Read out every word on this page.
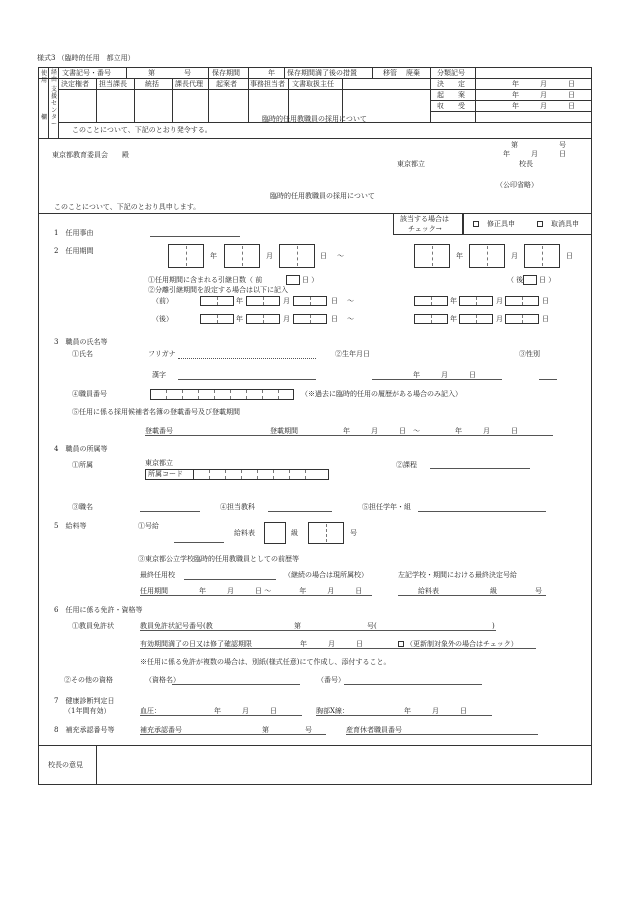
様式3 （臨時的任用　都立用）
使用
欄
経由
支援センター
文書記号・番号	第	号	保存期間	年 保存期間満了後の措置	移管 廃棄 分類記号
決定権者 担当課長	統括 課長代理 起案者 事務担当者 文書取扱主任	決　　定	年　　　月　　　日
起　　案	年　　　月　　　日
収　　受	年　　　月　　　日
臨時的任用教職員の採用について
このことについて、下記のとおり発令する。
東京都教育委員会　　殿
第	号
年　　　月　　　日
東京都立	校長
（公印省略）
臨時的任用教職員の採用について
このことについて、下記のとおり具申します。
該当する場合は
チェック→
修正具申	取消具申
1　任用事由
2　任用期間
年	月	日 ～	年	月	日
①任用期間に含まれる引継日数（ 前	日 ）	（ 後 日 ）
②分離引継期間を設定する場合は以下に記入
（前）	年	月	日 ～	年	月	日
（後）	年	月	日 ～	年	月	日
3　職員の氏名等
①氏名	フリガナ	②生年月日	③性別
漢字	年　　　月　　　日
④職員番号	（※過去に臨時的任用の履歴がある場合のみ記入）
⑤任用に係る採用候補者名簿の登載番号及び登載期間
登載番号	登載期間	年　　　月　　　日　～　　　　　年　　　月　　　日
4　職員の所属等
①所属	東京都立
所属コード
②課程
③職名	④担当教科	⑤担任学年・組
5　給料等	①号給
給料表	級	号
③東京都公立学校臨時的任用教職員としての前歴等
最終任用校	（継続の場合は現所属校）	左記学校・期間における最終決定号給
任用期間	年　　　月　　　日 ～　　　　年　　　月　　　日	給料表	級	号
6　任用に係る免許・資格等
①教員免許状	教員免許状記号番号(教	第	号(	)
有効期間満了の日又は修了確認期限	年　　　月　　　日	（更新制対象外の場合はチェック）
※任用に係る免許が複数の場合は、別紙(様式任意)にて作成し、添付すること。
②その他の資格	（資格名）	（番号）
7　健康診断判定日
（1年間有効）	血圧：	年　　　月　　　日	胸部X線：	年　　　月　　　日
8　補充承認番号等	補充承認番号	第	号	産育休者職員番号
校長の意見
